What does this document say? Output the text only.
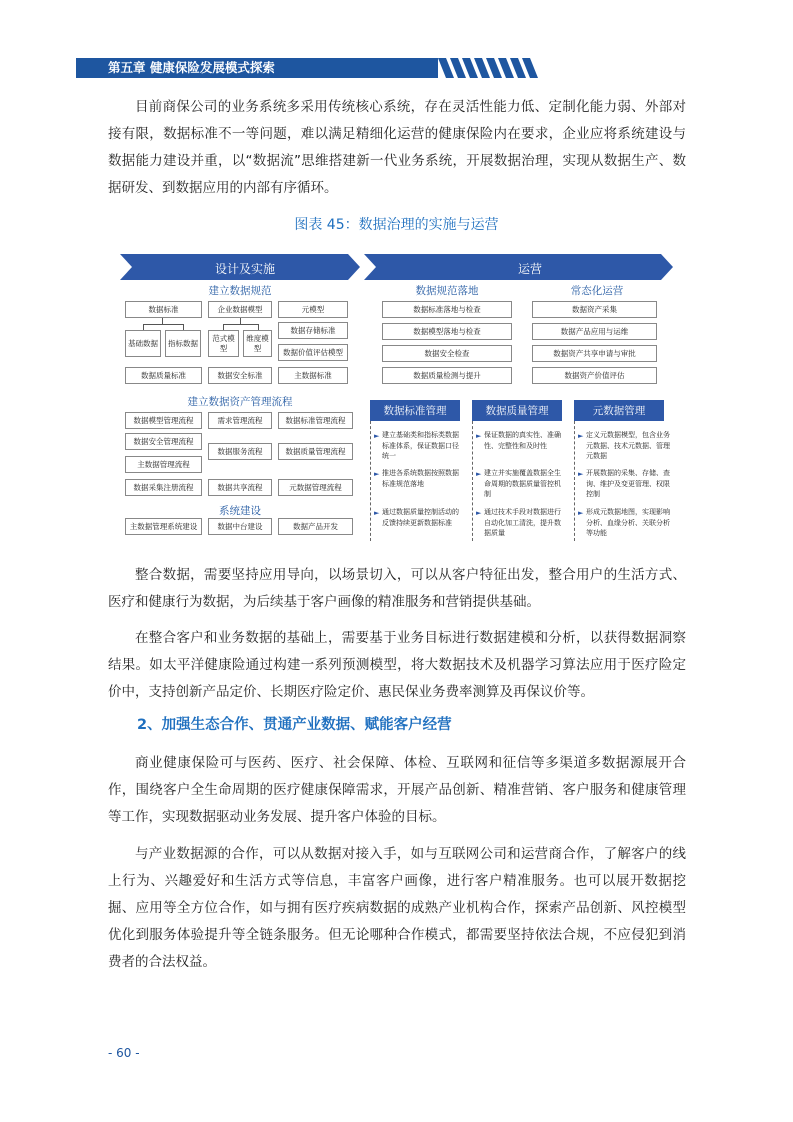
第五章 健康保险发展模式探索

目前商保公司的业务系统多采用传统核心系统，存在灵活性能力低、定制化能力弱、外部对接有限，数据标准不一等问题，难以满足精细化运营的健康保险内在要求，企业应将系统建设与数据能力建设并重，以“数据流”思维搭建新一代业务系统，开展数据治理，实现从数据生产、数据研发、到数据应用的内部有序循环。

图表 45：数据治理的实施与运营
设计及实施	运营
建立数据规范
数据标准	企业数据模型	元模型
基础数据	指标数据
范式模型
维度模型
数据存储标准
数据价值评估模型
数据质量标准	数据安全标准	主数据标准
建立数据资产管理流程
数据模型管理流程	需求管理流程	数据标准管理流程
数据安全管理流程
数据服务流程	数据质量管理流程
主数据管理流程
数据采集注册流程	数据共享流程	元数据管理流程
系统建设
主数据管理系统建设	数据中台建设	数据产品开发
数据规范落地	常态化运营
数据标准落地与检查
数据模型落地与检查
数据安全检查
数据质量检测与提升
数据资产采集
数据产品应用与运维
数据资产共享申请与审批
数据资产价值评估
数据标准管理	数据质量管理	元数据管理
► 建立基础类和指标类数据标准体系，保证数据口径统一
► 推进各系统数据按照数据标准规范落地
► 通过数据质量控制活动的反馈持续更新数据标准
► 保证数据的真实性、准确性、完整性和及时性
► 建立并实施覆盖数据全生命周期的数据质量管控机制
► 通过技术手段对数据进行自动化加工清洗，提升数据质量
► 定义元数据模型，包含业务元数据、技术元数据、管理元数据
► 开展数据的采集、存储、查询、维护及变更管理、权限控制
► 形成元数据地图，实现影响分析、血缘分析、关联分析等功能

整合数据，需要坚持应用导向，以场景切入，可以从客户特征出发，整合用户的生活方式、医疗和健康行为数据，为后续基于客户画像的精准服务和营销提供基础。

在整合客户和业务数据的基础上，需要基于业务目标进行数据建模和分析，以获得数据洞察结果。如太平洋健康险通过构建一系列预测模型，将大数据技术及机器学习算法应用于医疗险定价中，支持创新产品定价、长期医疗险定价、惠民保业务费率测算及再保议价等。

2、加强生态合作、贯通产业数据、赋能客户经营

商业健康保险可与医药、医疗、社会保障、体检、互联网和征信等多渠道多数据源展开合作，围绕客户全生命周期的医疗健康保障需求，开展产品创新、精准营销、客户服务和健康管理等工作，实现数据驱动业务发展、提升客户体验的目标。

与产业数据源的合作，可以从数据对接入手，如与互联网公司和运营商合作，了解客户的线上行为、兴趣爱好和生活方式等信息，丰富客户画像，进行客户精准服务。也可以展开数据挖掘、应用等全方位合作，如与拥有医疗疾病数据的成熟产业机构合作，探索产品创新、风控模型优化到服务体验提升等全链条服务。但无论哪种合作模式，都需要坚持依法合规，不应侵犯到消费者的合法权益。

- 60 -
